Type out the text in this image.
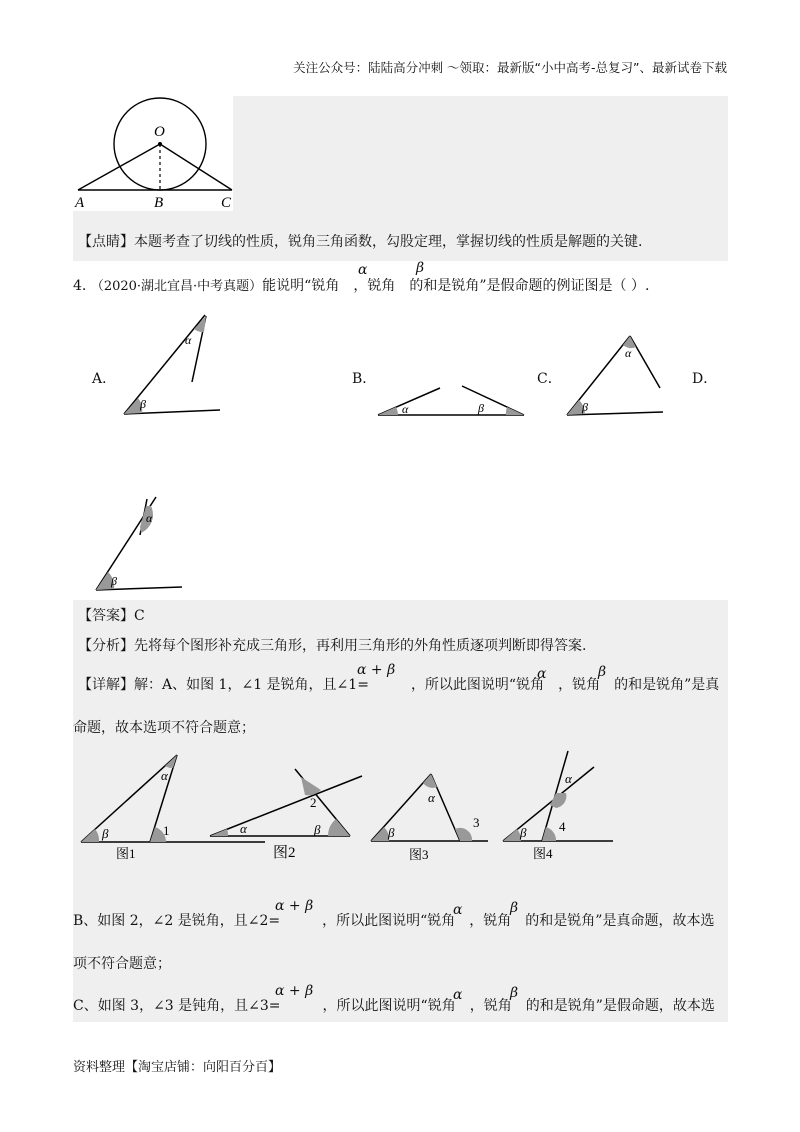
关注公众号：陆陆高分冲刺 ～领取：最新版“小中高考-总复习”、最新试卷下载
O
A	B	C
【点睛】本题考查了切线的性质，锐角三角函数，勾股定理，掌握切线的性质是解题的关键.
4. （2020·湖北宜昌·中考真题）能说明“锐角 ，锐角 的和是锐角”是假命题的例证图是（ ）.
α	β
A．	B．	C．	D．
α
β	α	β
α
β
α
β
【答案】C
【分析】先将每个图形补充成三角形，再利用三角形的外角性质逐项判断即得答案.
【详解】解：A、如图 1，∠1 是锐角，且∠1=	，所以此图说明“锐角 ，锐角 的和是锐角”是真
α + β	α	β
命题，故本选项不符合题意；
α
β	1
图1
α	β
2
图2
α
β
3
图3
α
β	4
图4
B、如图 2，∠2 是锐角，且∠2=	，所以此图说明“锐角 ，锐角 的和是锐角”是真命题，故本选
α + β	α	β
项不符合题意；
C、如图 3，∠3 是钝角，且∠3=	，所以此图说明“锐角 ，锐角 的和是锐角”是假命题，故本选
α + β	α	β
资料整理【淘宝店铺：向阳百分百】
